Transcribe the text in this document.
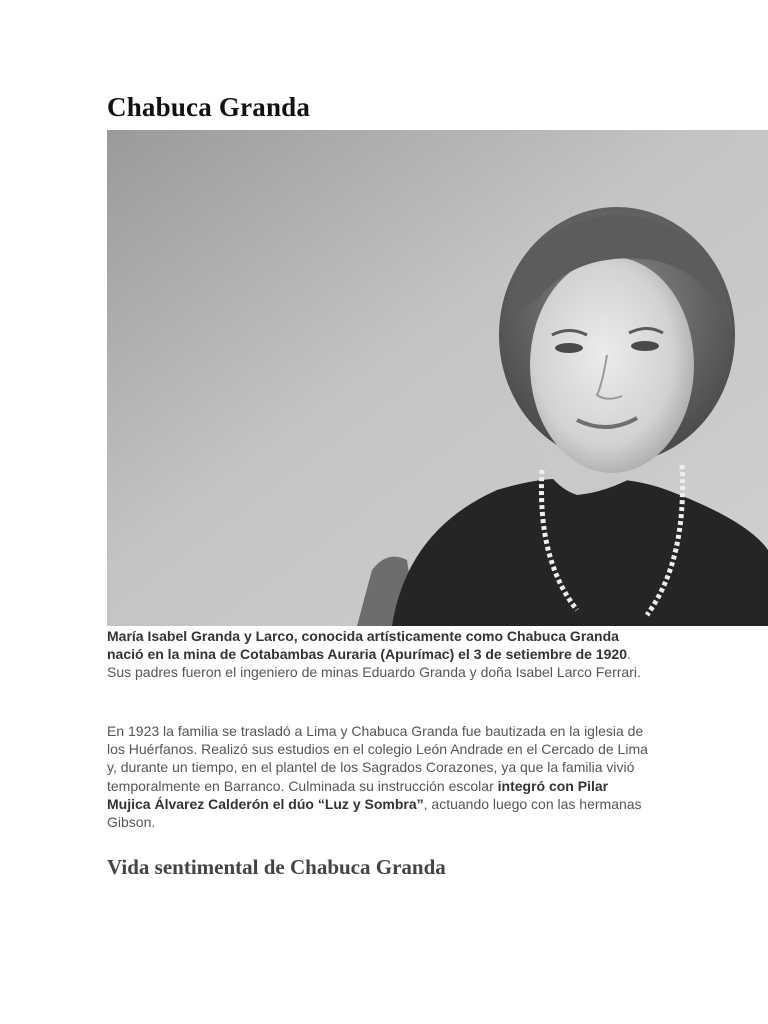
Chabuca Granda

María Isabel Granda y Larco, conocida artísticamente como Chabuca Granda nació en la mina de Cotabambas Auraria (Apurímac) el 3 de setiembre de 1920. Sus padres fueron el ingeniero de minas Eduardo Granda y doña Isabel Larco Ferrari.

En 1923 la familia se trasladó a Lima y Chabuca Granda fue bautizada en la iglesia de los Huérfanos. Realizó sus estudios en el colegio León Andrade en el Cercado de Lima y, durante un tiempo, en el plantel de los Sagrados Corazones, ya que la familia vivió temporalmente en Barranco. Culminada su instrucción escolar integró con Pilar Mujica Álvarez Calderón el dúo “Luz y Sombra”, actuando luego con las hermanas Gibson.

Vida sentimental de Chabuca Granda
